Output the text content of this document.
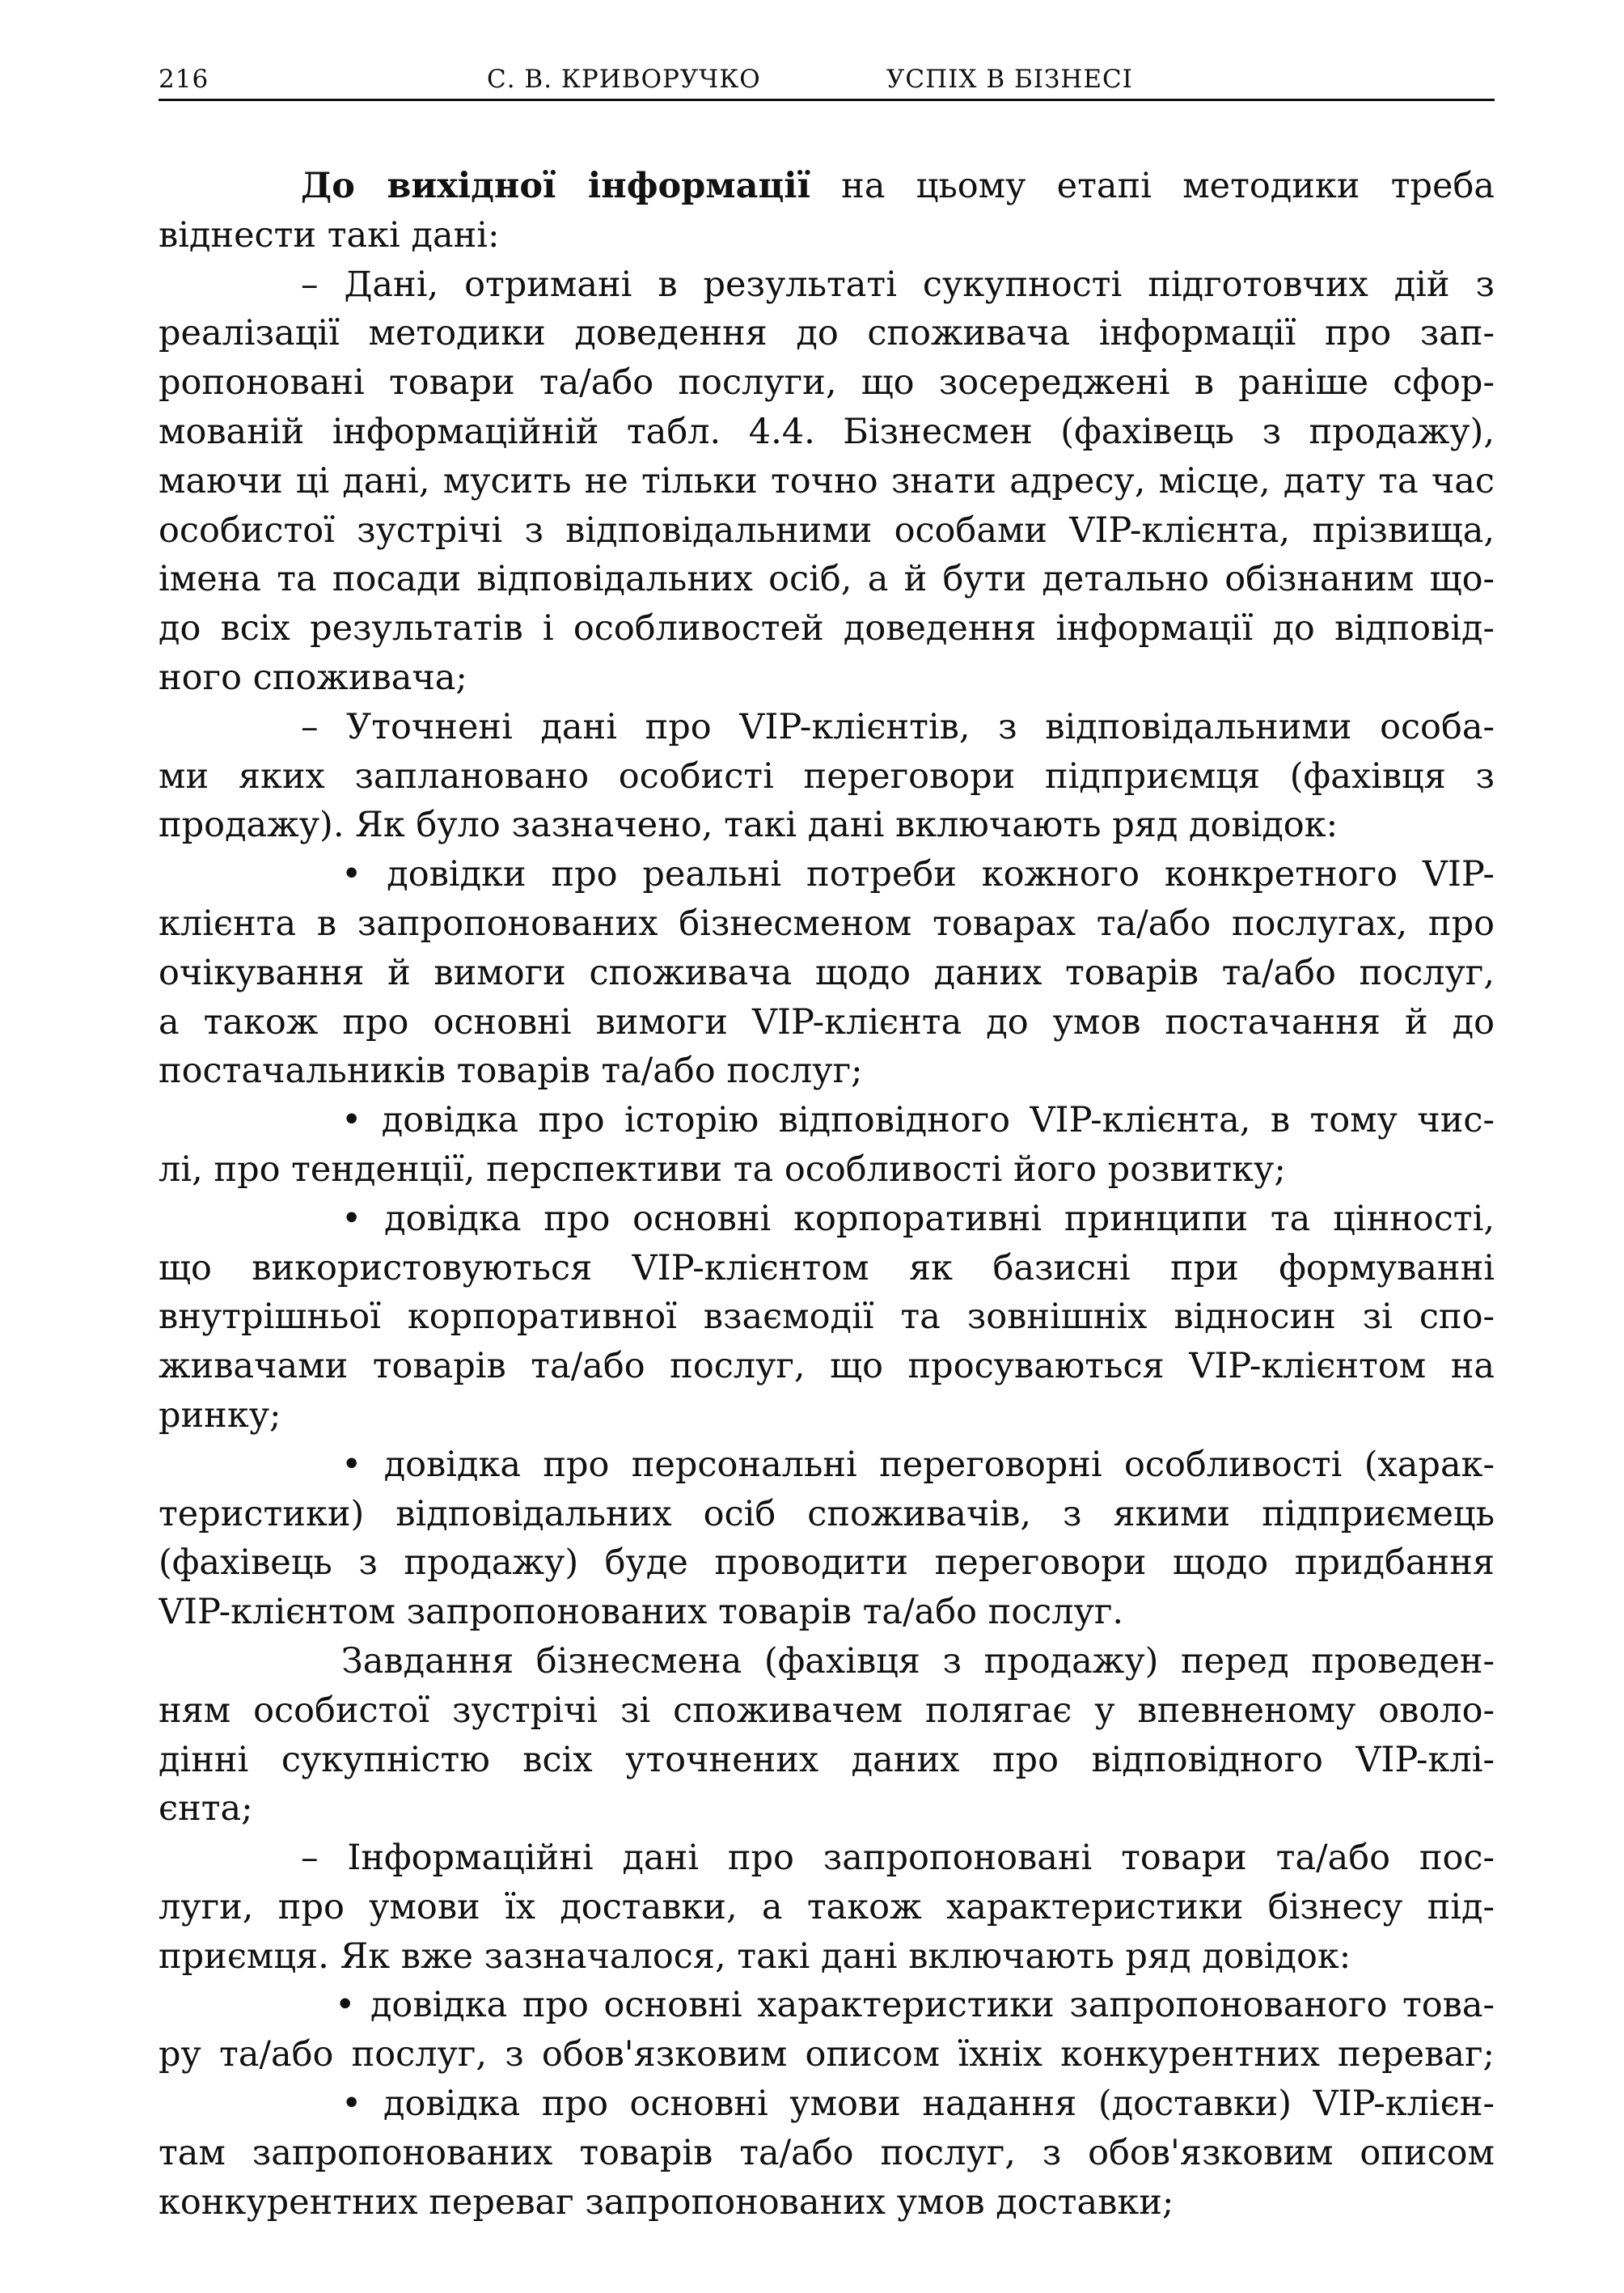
216	С. В. КРИВОРУЧКО	УСПІХ В БІЗНЕСІ
До вихідної інформації на цьому етапі методики треба
віднести такі дані:
– Дані, отримані в результаті сукупності підготовчих дій з
реалізації методики доведення до споживача інформації про зап-
ропоновані товари та/або послуги, що зосереджені в раніше сфор-
мованій інформаційній табл. 4.4. Бізнесмен (фахівець з продажу),
маючи ці дані, мусить не тільки точно знати адресу, місце, дату та час
особистої зустрічі з відповідальними особами VIP-клієнта, прізвища,
імена та посади відповідальних осіб, а й бути детально обізнаним що-
до всіх результатів і особливостей доведення інформації до відповід-
ного споживача;
– Уточнені дані про VIP-клієнтів, з відповідальними особа-
ми яких заплановано особисті переговори підприємця (фахівця з
продажу). Як було зазначено, такі дані включають ряд довідок:
• довідки про реальні потреби кожного конкретного VIP-
клієнта в запропонованих бізнесменом товарах та/або послугах, про
очікування й вимоги споживача щодо даних товарів та/або послуг,
а також про основні вимоги VIP-клієнта до умов постачання й до
постачальників товарів та/або послуг;
• довідка про історію відповідного VIP-клієнта, в тому чис-
лі, про тенденції, перспективи та особливості його розвитку;
• довідка про основні корпоративні принципи та цінності,
що використовуються VIP-клієнтом як базисні при формуванні
внутрішньої корпоративної взаємодії та зовнішніх відносин зі спо-
живачами товарів та/або послуг, що просуваються VIP-клієнтом на
ринку;
• довідка про персональні переговорні особливості (харак-
теристики) відповідальних осіб споживачів, з якими підприємець
(фахівець з продажу) буде проводити переговори щодо придбання
VIP-клієнтом запропонованих товарів та/або послуг.
Завдання бізнесмена (фахівця з продажу) перед проведен-
ням особистої зустрічі зі споживачем полягає у впевненому оволо-
дінні сукупністю всіх уточнених даних про відповідного VIP-клі-
єнта;
– Інформаційні дані про запропоновані товари та/або пос-
луги, про умови їх доставки, а також характеристики бізнесу під-
приємця. Як вже зазначалося, такі дані включають ряд довідок:
• довідка про основні характеристики запропонованого това-
ру та/або послуг, з обов'язковим описом їхніх конкурентних переваг;
• довідка про основні умови надання (доставки) VIP-клієн-
там запропонованих товарів та/або послуг, з обов'язковим описом
конкурентних переваг запропонованих умов доставки;
